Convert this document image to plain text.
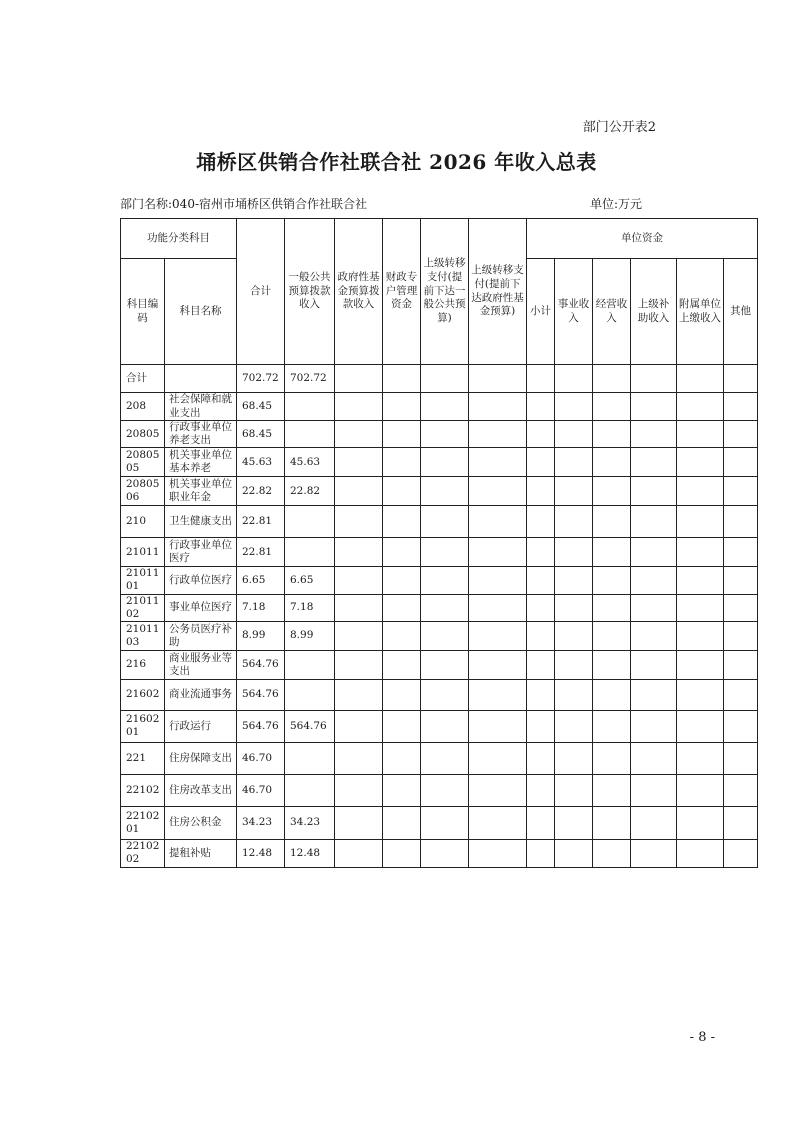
部门公开表2
埇桥区供销合作社联合社 2026 年收入总表
部门名称:040-宿州市埇桥区供销合作社联合社	单位:万元
功能分类科目		合计	一般公共预算拨款收入	政府性基金预算拨款收入	财政专户管理资金	上级转移支付(提前下达一般公共预算)	上级转移支付(提前下达政府性基金预算)	单位资金					
科目编码	科目名称							小计	事业收入	经营收入	上级补助收入	附属单位上缴收入	其他
合计		702.72	702.72										
208	社会保障和就业支出	68.45											
20805	行政事业单位养老支出	68.45											
2080505	机关事业单位基本养老	45.63	45.63										
2080506	机关事业单位职业年金	22.82	22.82										
210	卫生健康支出	22.81											
21011	行政事业单位医疗	22.81											
2101101	行政单位医疗	6.65	6.65										
2101102	事业单位医疗	7.18	7.18										
2101103	公务员医疗补助	8.99	8.99										
216	商业服务业等支出	564.76											
21602	商业流通事务	564.76											
2160201	行政运行	564.76	564.76										
221	住房保障支出	46.70											
22102	住房改革支出	46.70											
2210201	住房公积金	34.23	34.23										
2210202	提租补贴	12.48	12.48										
- 8 -
